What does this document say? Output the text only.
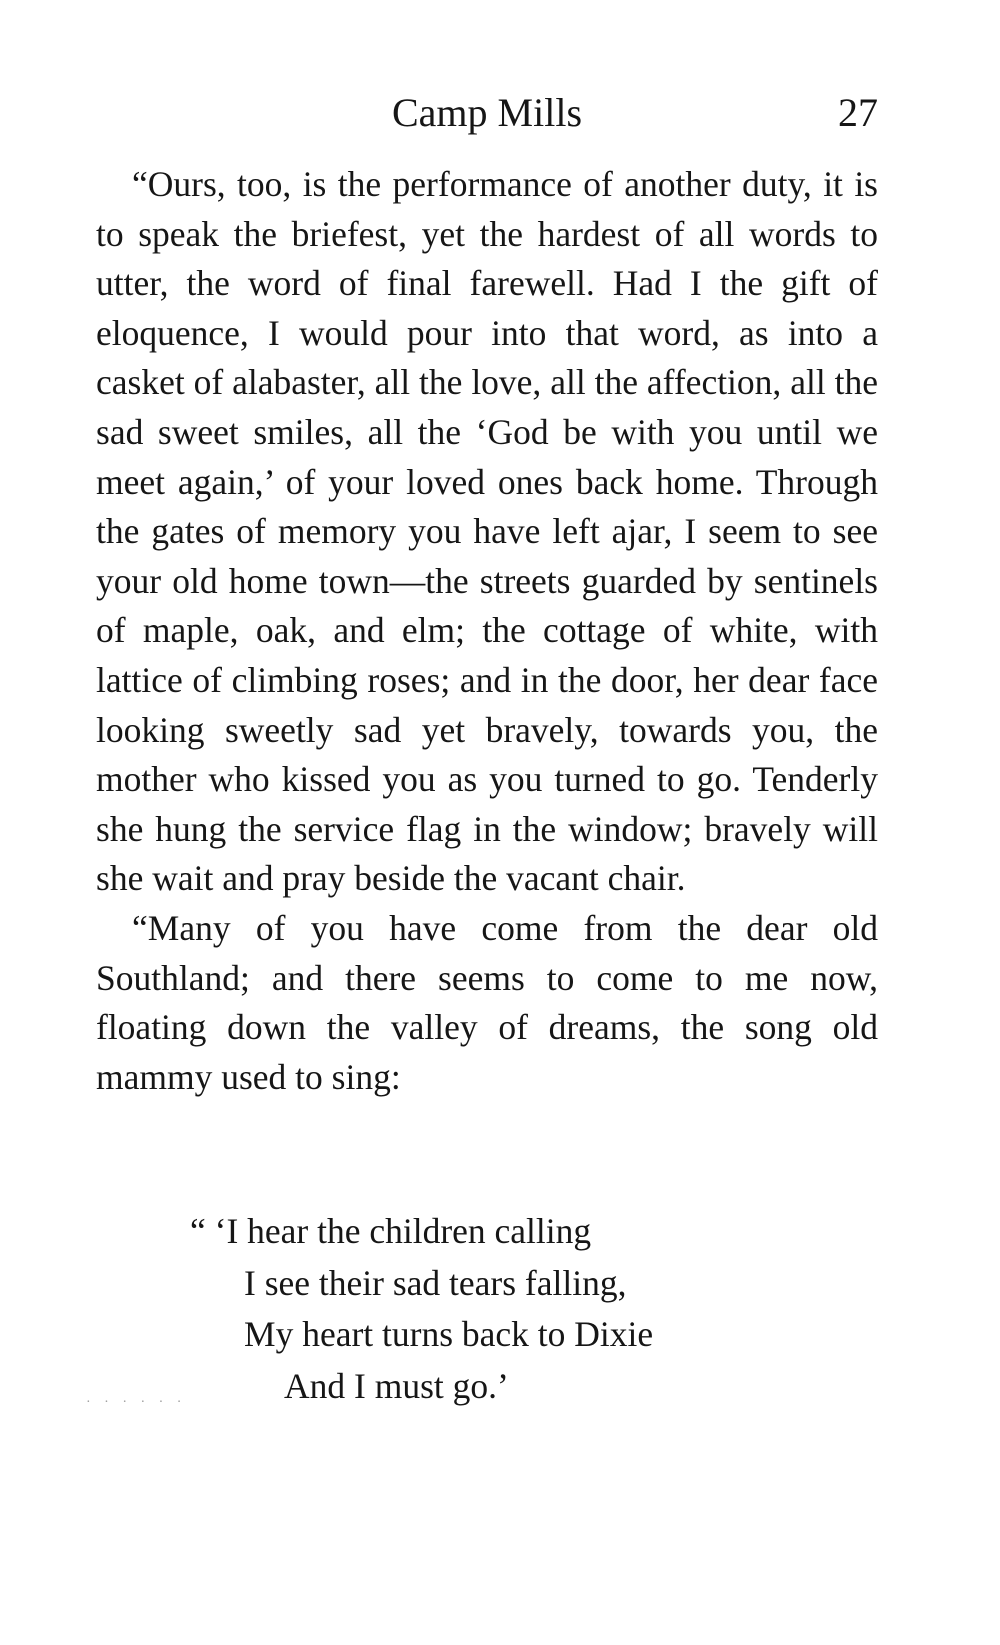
Camp Mills	27

“Ours, too, is the performance of another duty, it is to speak the briefest, yet the hardest of all words to utter, the word of final farewell. Had I the gift of eloquence, I would pour into that word, as into a casket of alabaster, all the love, all the affection, all the sad sweet smiles, all the ‘God be with you until we meet again,’ of your loved ones back home. Through the gates of memory you have left ajar, I seem to see your old home town—the streets guarded by sentinels of maple, oak, and elm; the cottage of white, with lattice of climbing roses; and in the door, her dear face looking sweetly sad yet bravely, towards you, the mother who kissed you as you turned to go. Tenderly she hung the service flag in the window; bravely will she wait and pray beside the vacant chair.

“Many of you have come from the dear old Southland; and there seems to come to me now, floating down the valley of dreams, the song old mammy used to sing:

“ ‘I hear the children calling
I see their sad tears falling,
My heart turns back to Dixie
And I must go.’
· · · · · ·
